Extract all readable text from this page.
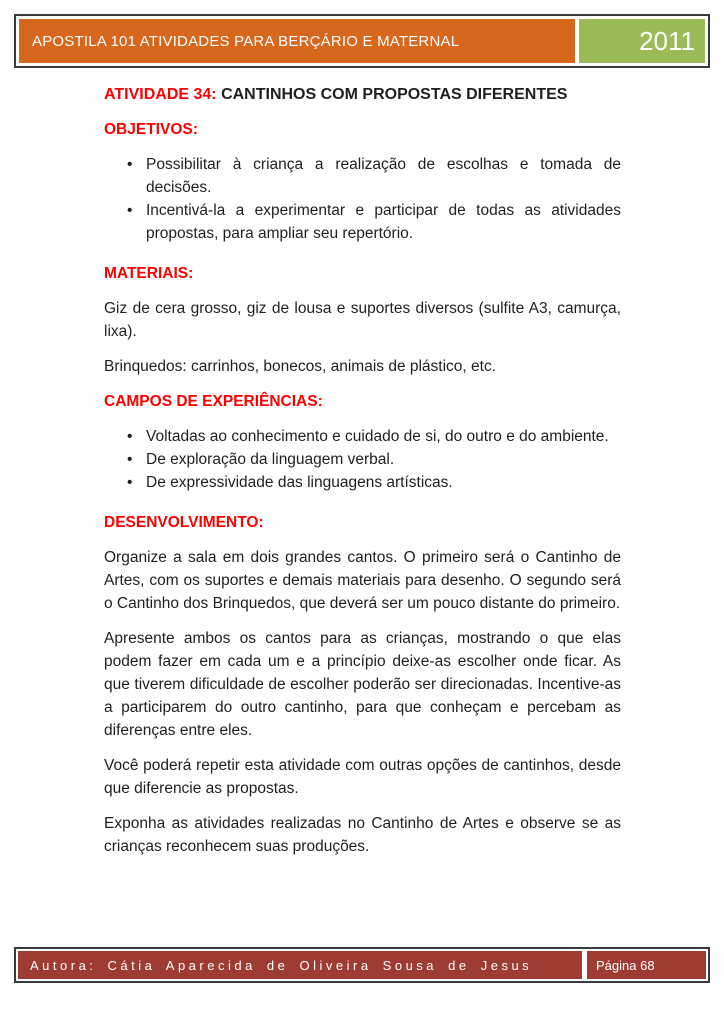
APOSTILA 101 ATIVIDADES PARA BERÇÁRIO E MATERNAL	2011

ATIVIDADE 34: CANTINHOS COM PROPOSTAS DIFERENTES

OBJETIVOS:

• Possibilitar à criança a realização de escolhas e tomada de decisões.
• Incentivá-la a experimentar e participar de todas as atividades propostas, para ampliar seu repertório.

MATERIAIS:

Giz de cera grosso, giz de lousa e suportes diversos (sulfite A3, camurça, lixa).

Brinquedos: carrinhos, bonecos, animais de plástico, etc.

CAMPOS DE EXPERIÊNCIAS:

• Voltadas ao conhecimento e cuidado de si, do outro e do ambiente.
• De exploração da linguagem verbal.
• De expressividade das linguagens artísticas.

DESENVOLVIMENTO:

Organize a sala em dois grandes cantos. O primeiro será o Cantinho de Artes, com os suportes e demais materiais para desenho. O segundo será o Cantinho dos Brinquedos, que deverá ser um pouco distante do primeiro.

Apresente ambos os cantos para as crianças, mostrando o que elas podem fazer em cada um e a princípio deixe-as escolher onde ficar. As que tiverem dificuldade de escolher poderão ser direcionadas. Incentive-as a participarem do outro cantinho, para que conheçam e percebam as diferenças entre eles.

Você poderá repetir esta atividade com outras opções de cantinhos, desde que diferencie as propostas.

Exponha as atividades realizadas no Cantinho de Artes e observe se as crianças reconhecem suas produções.

Autora: Cátia Aparecida de Oliveira Sousa de Jesus	Página 68
